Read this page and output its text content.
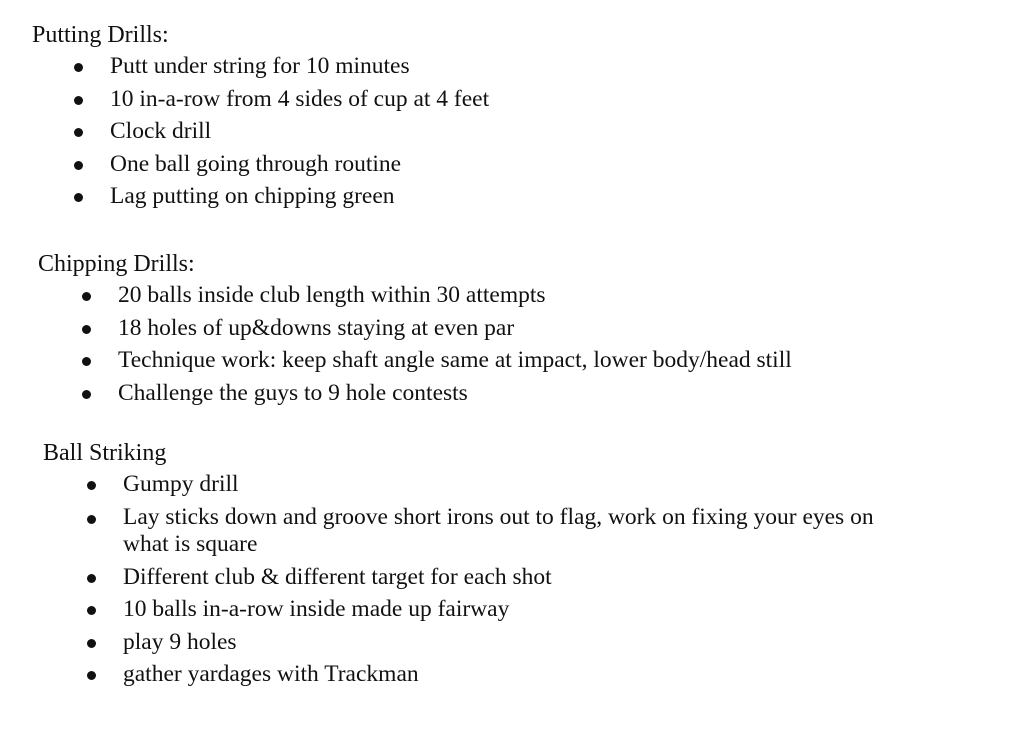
Putting Drills:

Putt under string for 10 minutes
10 in-a-row from 4 sides of cup at 4 feet
Clock drill
One ball going through routine
Lag putting on chipping green

Chipping Drills:

20 balls inside club length within 30 attempts
18 holes of up&downs staying at even par
Technique work: keep shaft angle same at impact, lower body/head still
Challenge the guys to 9 hole contests

Ball Striking

Gumpy drill
Lay sticks down and groove short irons out to flag, work on fixing your eyes on what is square
Different club & different target for each shot
10 balls in-a-row inside made up fairway
play 9 holes
gather yardages with Trackman
